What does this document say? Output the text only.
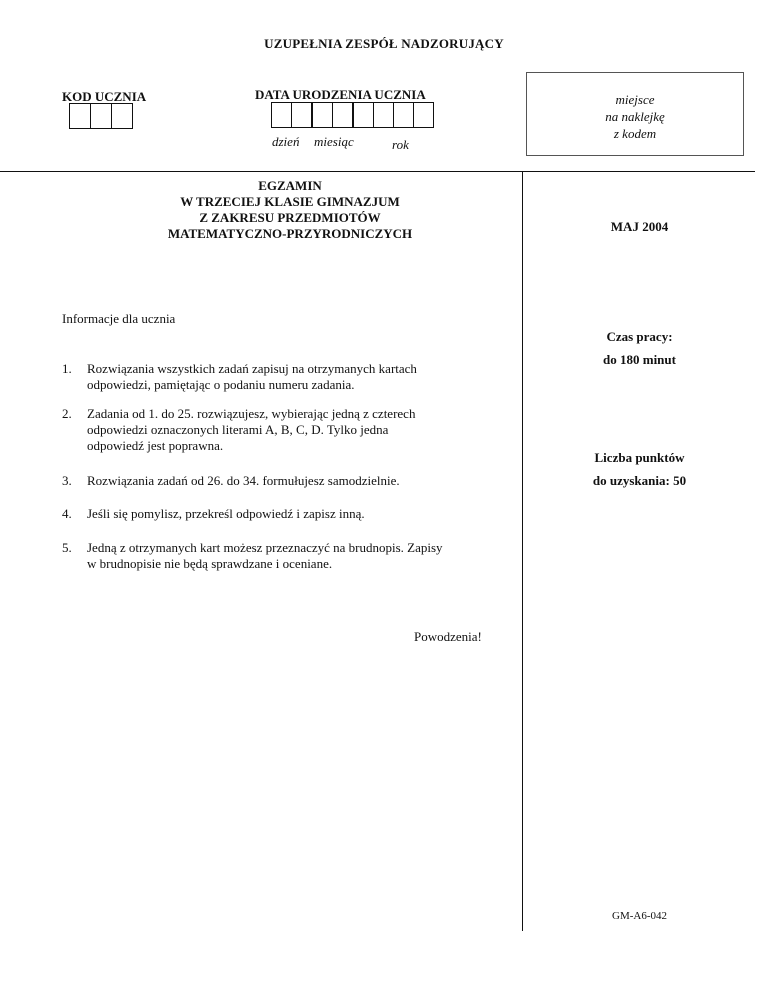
UZUPEŁNIA ZESPÓŁ NADZORUJĄCY
KOD UCZNIA	DATA URODZENIA UCZNIA
dzień miesiąc	rok
miejsce
na naklejkę
z kodem
EGZAMIN
W TRZECIEJ KLASIE GIMNAZJUM
Z ZAKRESU PRZEDMIOTÓW
MATEMATYCZNO-PRZYRODNICZYCH	MAJ 2004
Czas pracy:
do 180 minut
Liczba punktów
do uzyskania: 50
Informacje dla ucznia
1.	Rozwiązania wszystkich zadań zapisuj na otrzymanych kartach
odpowiedzi, pamiętając o podaniu numeru zadania.
2.	Zadania od 1. do 25. rozwiązujesz, wybierając jedną z czterech
odpowiedzi oznaczonych literami A, B, C, D. Tylko jedna
odpowiedź jest poprawna.
3.	Rozwiązania zadań od 26. do 34. formułujesz samodzielnie.
4.	Jeśli się pomylisz, przekreśl odpowiedź i zapisz inną.
5.	Jedną z otrzymanych kart możesz przeznaczyć na brudnopis. Zapisy
w brudnopisie nie będą sprawdzane i oceniane.
Powodzenia!
GM-A6-042
